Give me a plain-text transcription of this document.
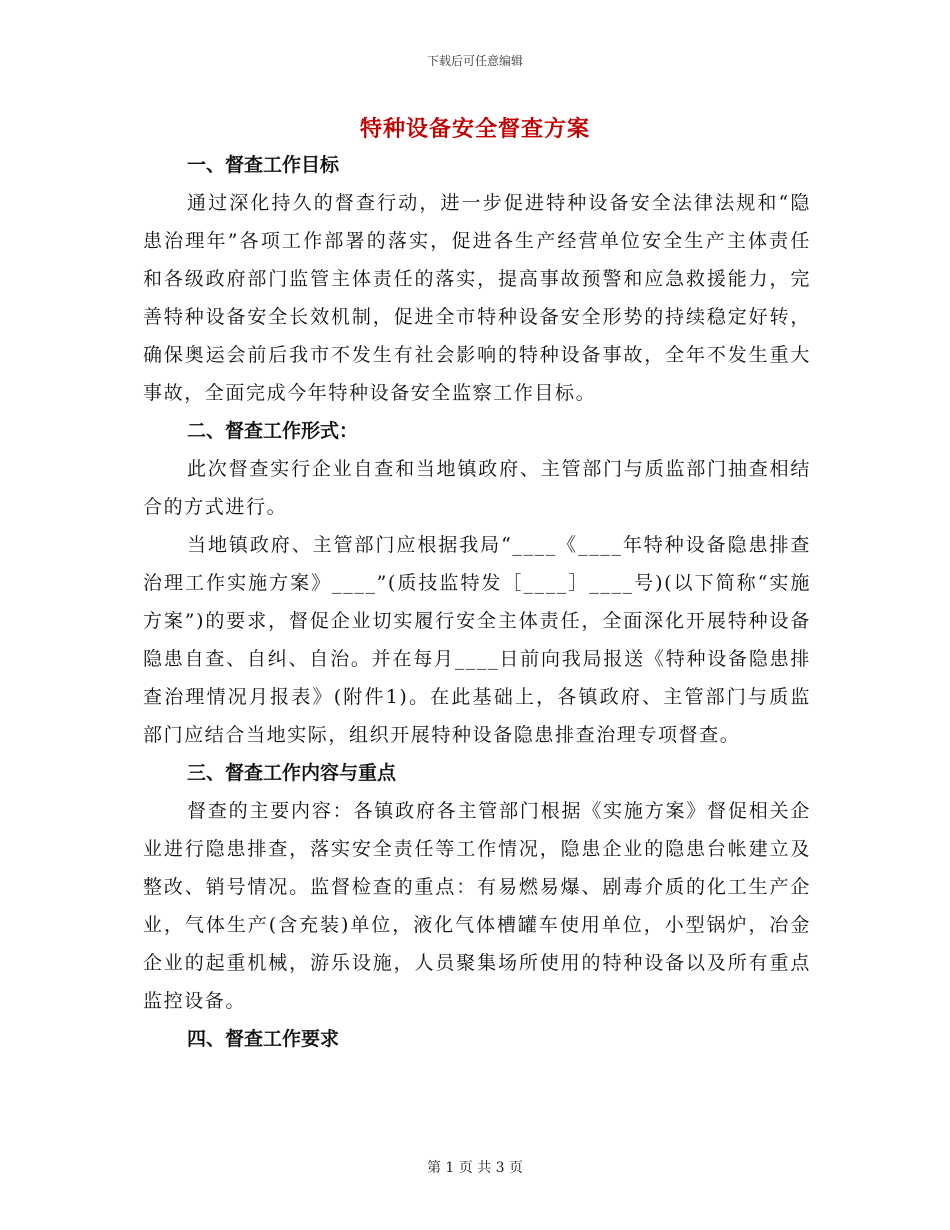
下载后可任意编辑
特种设备安全督查方案

一、督查工作目标

通过深化持久的督查行动，进一步促进特种设备安全法律法规和“隐患治理年”各项工作部署的落实，促进各生产经营单位安全生产主体责任和各级政府部门监管主体责任的落实，提高事故预警和应急救援能力，完善特种设备安全长效机制，促进全市特种设备安全形势的持续稳定好转，确保奥运会前后我市不发生有社会影响的特种设备事故，全年不发生重大事故，全面完成今年特种设备安全监察工作目标。

二、督查工作形式：

此次督查实行企业自查和当地镇政府、主管部门与质监部门抽查相结合的方式进行。

当地镇政府、主管部门应根据我局“____《____年特种设备隐患排查治理工作实施方案》____”(质技监特发［____］____号)(以下简称“实施方案”)的要求，督促企业切实履行安全主体责任，全面深化开展特种设备隐患自查、自纠、自治。并在每月____日前向我局报送《特种设备隐患排查治理情况月报表》(附件1)。在此基础上，各镇政府、主管部门与质监部门应结合当地实际，组织开展特种设备隐患排查治理专项督查。

三、督查工作内容与重点

督查的主要内容：各镇政府各主管部门根据《实施方案》督促相关企业进行隐患排查，落实安全责任等工作情况，隐患企业的隐患台帐建立及整改、销号情况。监督检查的重点：有易燃易爆、剧毒介质的化工生产企业，气体生产(含充装)单位，液化气体槽罐车使用单位，小型锅炉，冶金企业的起重机械，游乐设施，人员聚集场所使用的特种设备以及所有重点监控设备。

四、督查工作要求

第 1 页 共 3 页
